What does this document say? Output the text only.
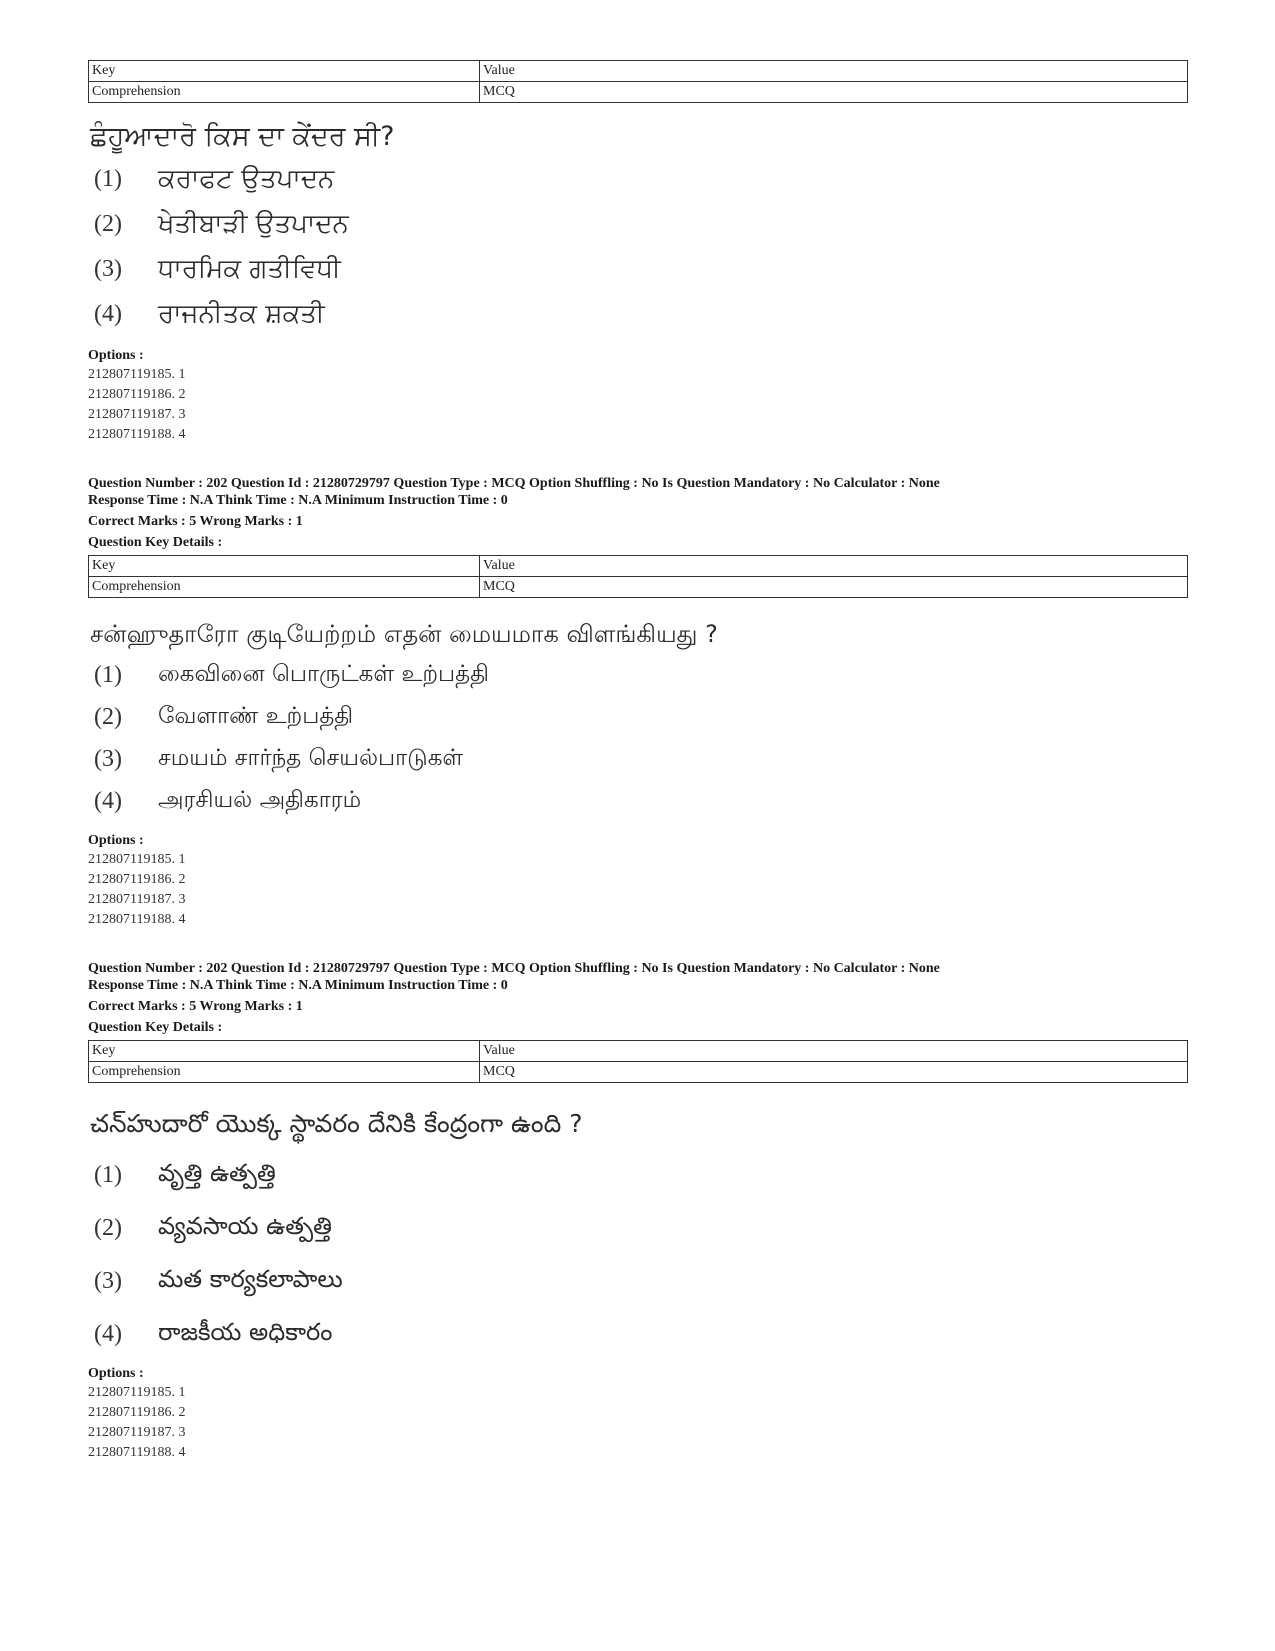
Key	Value
Comprehension	MCQ
ਛੰਹੂਆਦਾਰੋ ਕਿਸ ਦਾ ਕੇਂਦਰ ਸੀ?
(1)	ਕਰਾਫਟ ਉਤਪਾਦਨ
(2)	ਖੇਤੀਬਾੜੀ ਉਤਪਾਦਨ
(3)	ਧਾਰਮਿਕ ਗਤੀਵਿਧੀ
(4)	ਰਾਜਨੀਤਕ ਸ਼ਕਤੀ
Options :
212807119185. 1
212807119186. 2
212807119187. 3
212807119188. 4
Question Number : 202 Question Id : 21280729797 Question Type : MCQ Option Shuffling : No Is Question Mandatory : No Calculator : None
Response Time : N.A Think Time : N.A Minimum Instruction Time : 0
Correct Marks : 5 Wrong Marks : 1
Question Key Details :
Key	Value
Comprehension	MCQ
சன்ஹுதாரோ குடியேற்றம் எதன் மையமாக விளங்கியது ?
(1)	கைவினை பொருட்கள் உற்பத்தி
(2)	வேளாண் உற்பத்தி
(3)	சமயம் சார்ந்த செயல்பாடுகள்
(4)	அரசியல் அதிகாரம்
Options :
212807119185. 1
212807119186. 2
212807119187. 3
212807119188. 4
Question Number : 202 Question Id : 21280729797 Question Type : MCQ Option Shuffling : No Is Question Mandatory : No Calculator : None
Response Time : N.A Think Time : N.A Minimum Instruction Time : 0
Correct Marks : 5 Wrong Marks : 1
Question Key Details :
Key	Value
Comprehension	MCQ
చన్‌హుదారో యొక్క స్థావరం దేనికి కేంద్రంగా ఉంది ?
(1)	వృత్తి ఉత్పత్తి
(2)	వ్యవసాయ ఉత్పత్తి
(3)	మత కార్యకలాపాలు
(4)	రాజకీయ అధికారం
Options :
212807119185. 1
212807119186. 2
212807119187. 3
212807119188. 4
